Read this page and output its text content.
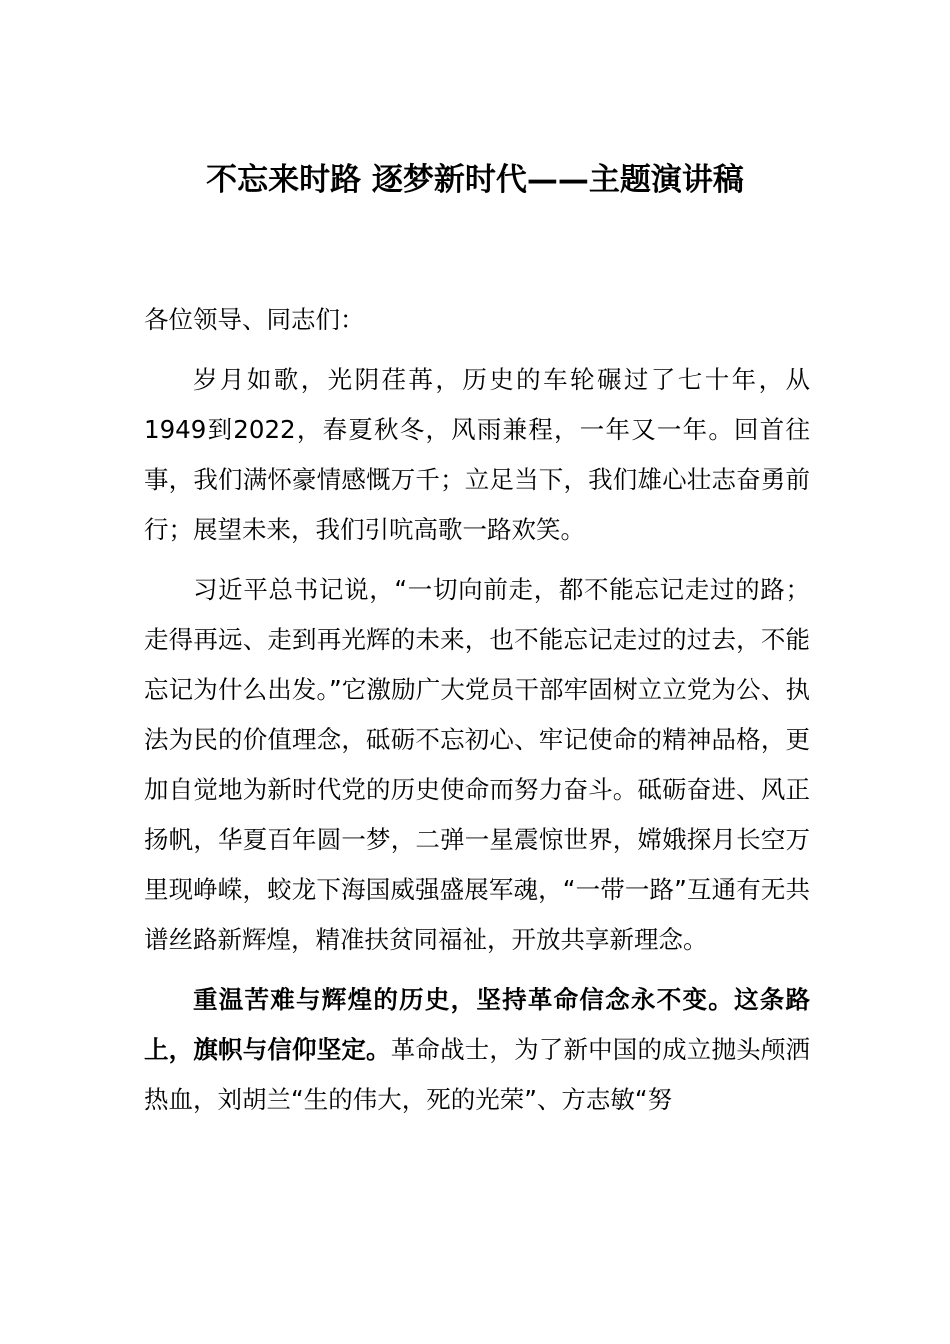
不忘来时路 逐梦新时代——主题演讲稿

各位领导、同志们：

岁月如歌，光阴荏苒，历史的车轮碾过了七十年，从1949到2022，春夏秋冬，风雨兼程，一年又一年。回首往事，我们满怀豪情感慨万千；立足当下，我们雄心壮志奋勇前行；展望未来，我们引吭高歌一路欢笑。

习近平总书记说，“一切向前走，都不能忘记走过的路；走得再远、走到再光辉的未来，也不能忘记走过的过去，不能忘记为什么出发。”它激励广大党员干部牢固树立立党为公、执法为民的价值理念，砥砺不忘初心、牢记使命的精神品格，更加自觉地为新时代党的历史使命而努力奋斗。砥砺奋进、风正扬帆，华夏百年圆一梦，二弹一星震惊世界，嫦娥探月长空万里现峥嵘，蛟龙下海国威强盛展军魂，“一带一路”互通有无共谱丝路新辉煌，精准扶贫同福祉，开放共享新理念。

重温苦难与辉煌的历史，坚持革命信念永不变。这条路上，旗帜与信仰坚定。革命战士，为了新中国的成立抛头颅洒热血，刘胡兰“生的伟大，死的光荣”、方志敏“努
